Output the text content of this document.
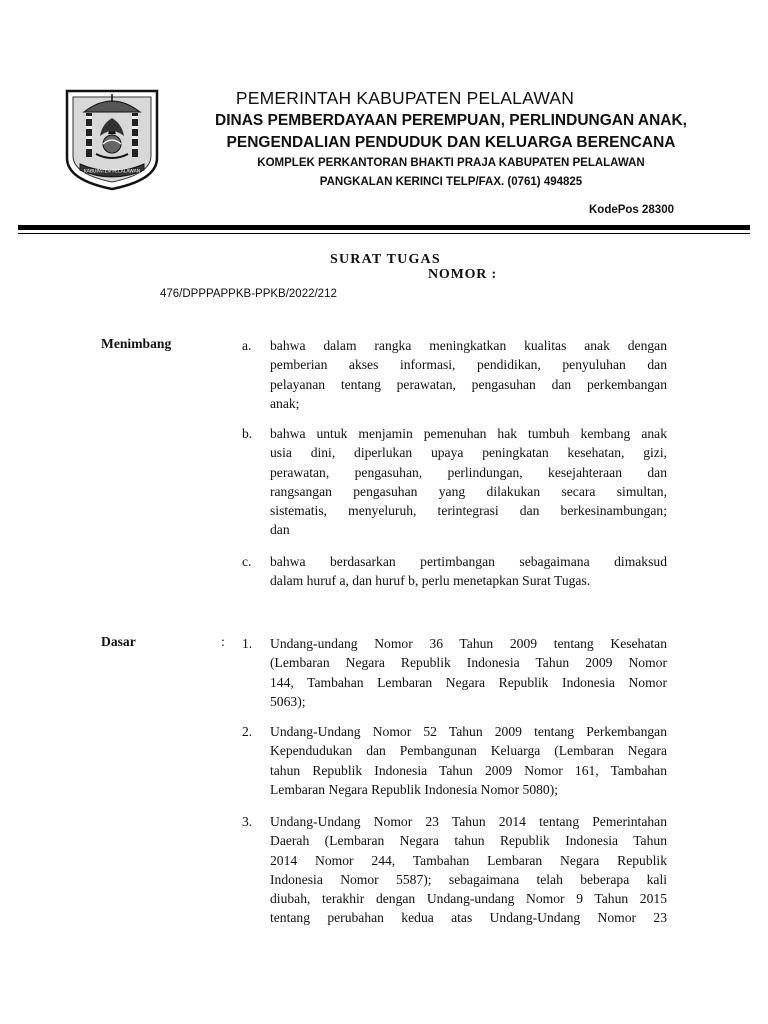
KABUPATEN PELALAWAN
PEMERINTAH KABUPATEN PELALAWAN
DINAS PEMBERDAYAAN PEREMPUAN, PERLINDUNGAN ANAK,
PENGENDALIAN PENDUDUK DAN KELUARGA BERENCANA
KOMPLEK PERKANTORAN BHAKTI PRAJA KABUPATEN PELALAWAN
PANGKALAN KERINCI TELP/FAX. (0761) 494825
KodePos 28300
SURAT TUGAS
NOMOR :
476/DPPPAPPKB-PPKB/2022/212
Menimbang	a. bahwa dalam rangka meningkatkan kualitas anak dengan
pemberian akses informasi, pendidikan, penyuluhan dan
pelayanan tentang perawatan, pengasuhan dan perkembangan
anak;
b. bahwa untuk menjamin pemenuhan hak tumbuh kembang anak
usia dini, diperlukan upaya peningkatan kesehatan, gizi,
perawatan, pengasuhan, perlindungan, kesejahteraan dan
rangsangan pengasuhan yang dilakukan secara simultan,
sistematis, menyeluruh, terintegrasi dan berkesinambungan;
dan
c. bahwa berdasarkan pertimbangan sebagaimana dimaksud
dalam huruf a, dan huruf b, perlu menetapkan Surat Tugas.
Dasar	: 1. Undang-undang Nomor 36 Tahun 2009 tentang Kesehatan
(Lembaran Negara Republik Indonesia Tahun 2009 Nomor
144, Tambahan Lembaran Negara Republik Indonesia Nomor
5063);
2. Undang-Undang Nomor 52 Tahun 2009 tentang Perkembangan
Kependudukan dan Pembangunan Keluarga (Lembaran Negara
tahun Republik Indonesia Tahun 2009 Nomor 161, Tambahan
Lembaran Negara Republik Indonesia Nomor 5080);
3. Undang-Undang Nomor 23 Tahun 2014 tentang Pemerintahan
Daerah (Lembaran Negara tahun Republik Indonesia Tahun
2014 Nomor 244, Tambahan Lembaran Negara Republik
Indonesia Nomor 5587); sebagaimana telah beberapa kali
diubah, terakhir dengan Undang-undang Nomor 9 Tahun 2015
tentang perubahan kedua atas Undang-Undang Nomor 23
